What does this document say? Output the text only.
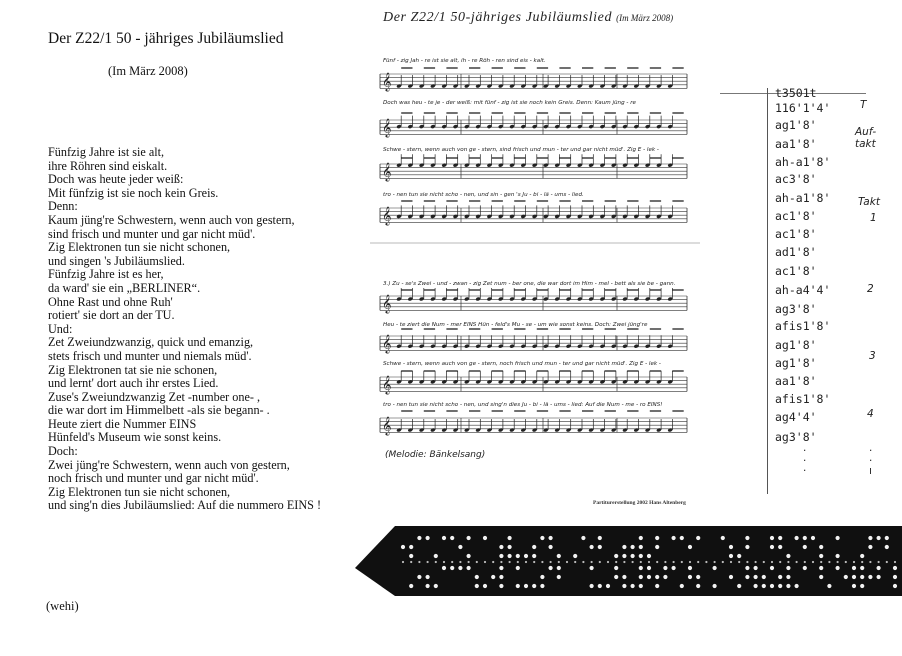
Der Z22/1 50 - jähriges Jubiläumslied
(Im März 2008)
Fünfzig Jahre ist sie alt,
ihre Röhren sind eiskalt.
Doch was heute jeder weiß:
Mit fünfzig ist sie noch kein Greis.
Denn:
Kaum jüng're Schwestern, wenn auch von gestern,
sind frisch und munter und gar nicht müd'.
Zig Elektronen tun sie nicht schonen,
und singen 's Jubiläumslied.
Fünfzig Jahre ist es her,
da ward' sie ein „BERLINER“.
Ohne Rast und ohne Ruh'
rotiert' sie dort an der TU.
Und:
Zet Zweiundzwanzig, quick und emanzig,
stets frisch und munter und niemals müd'.
Zig Elektronen tat sie nie schonen,
und lernt' dort auch ihr erstes Lied.
Zuse's Zweiundzwanzig Zet -number one- ,
die war dort im Himmelbett -als sie begann- .
Heute ziert die Nummer EINS
Hünfeld's Museum wie sonst keins.
Doch:
Zwei jüng're Schwestern, wenn auch von gestern,
noch frisch und munter und gar nicht müd'.
Zig Elektronen tun sie nicht schonen,
und sing'n dies Jubiläumslied: Auf die nummero EINS !
(wehi)
Der Z22/1 50-jähriges Jubiläumslied (Im März 2008)
𝄞
Fünf - zig Jah - re ist sie alt, ih - re Röh - ren sind eis - kalt.
𝄞
Doch was heu - te je - der weiß: mit fünf - zig ist sie noch kein Greis. Denn: Kaum jüng - re
𝄞
Schwe - stern, wenn auch von ge - stern, sind frisch und mun - ter und gar nicht müd'. Zig E - lek -
𝄞
tro - nen tun sie nicht scho - nen, und sin - gen 's Ju - bi - lä - ums - lied.
𝄞
3.) Zu - se's Zwei - und - zwan - zig Zet num - ber one, die war dort im Him - mel - bett als sie be - gann.
𝄞
Heu - te ziert die Num - mer EINS Hün - feld's Mu - se - um wie sonst keins. Doch: Zwei jüng're
𝄞
Schwe - stern, wenn auch von ge - stern, noch frisch und mun - ter und gar nicht müd'. Zig E - lek -
𝄞
tro - nen tun sie nicht scho - nen, und sing'n dies Ju - bi - lä - ums - lied: Auf die Num - me - ro EINS!
(Melodie: Bänkelsang)
Partiturerstellung 2002 Hans Altenberg
T
Auf-
takt
Takt
1
2
3
4
·
·
·
·
·
ı
t3501t
116'1'4'
ag1'8'
aa1'8'
ah-a1'8'
ac3'8'
ah-a1'8'
ac1'8'
ac1'8'
ad1'8'
ac1'8'
ah-a4'4'
ag3'8'
afis1'8'
ag1'8'
ag1'8'
aa1'8'
afis1'8'
ag4'4'
ag3'8'
